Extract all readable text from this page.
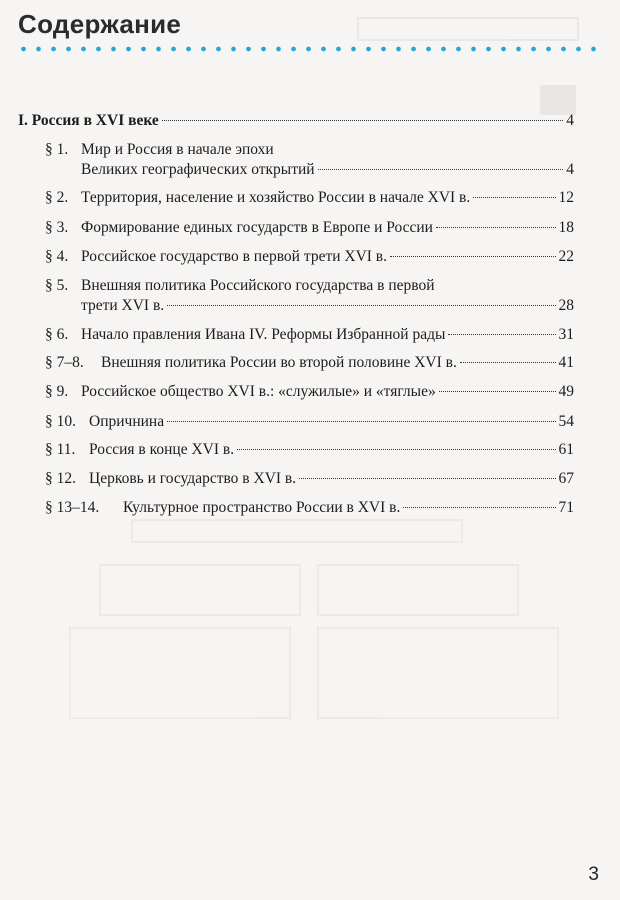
Содержание
I. Россия в XVI веке	4
§ 1. Мир и Россия в начале эпохи
Великих географических открытий	4
§ 2. Территория, население и хозяйство России в начале XVI в.	12
§ 3. Формирование единых государств в Европе и России	18
§ 4. Российское государство в первой трети XVI в.	22
§ 5. Внешняя политика Российского государства в первой
трети XVI в.	28
§ 6. Начало правления Ивана IV. Реформы Избранной рады	31
§ 7–8.	Внешняя политика России во второй половине XVI в.	41
§ 9. Российское общество XVI в.: «служилые» и «тяглые»	49
§ 10. Опричнина	54
§ 11. Россия в конце XVI в.	61
§ 12. Церковь и государство в XVI в.	67
§ 13–14.	Культурное пространство России в XVI в.	71
3
